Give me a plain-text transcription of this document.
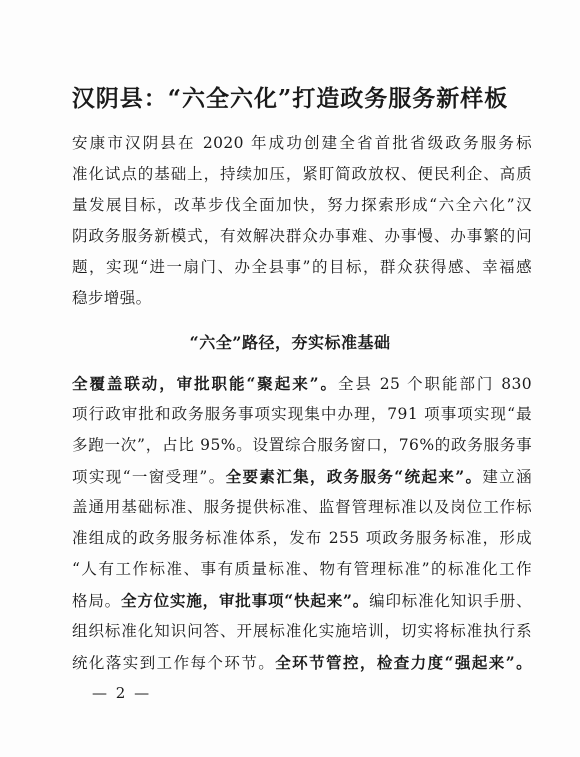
汉阴县：“六全六化”打造政务服务新样板
安康市汉阴县在 2020 年成功创建全省首批省级政务服务标
准化试点的基础上，持续加压，紧盯简政放权、便民利企、高质
量发展目标，改革步伐全面加快，努力探索形成“六全六化”汉
阴政务服务新模式，有效解决群众办事难、办事慢、办事繁的问
题，实现“进一扇门、办全县事”的目标，群众获得感、幸福感
稳步增强。
“六全”路径，夯实标准基础
全覆盖联动，审批职能“聚起来”。全县 25 个职能部门 830
项行政审批和政务服务事项实现集中办理，791 项事项实现“最
多跑一次”，占比 95%。设置综合服务窗口，76%的政务服务事
项实现“一窗受理”。全要素汇集，政务服务“统起来”。建立涵
盖通用基础标准、服务提供标准、监督管理标准以及岗位工作标
准组成的政务服务标准体系，发布 255 项政务服务标准，形成
“人有工作标准、事有质量标准、物有管理标准”的标准化工作
格局。全方位实施，审批事项“快起来”。编印标准化知识手册、
组织标准化知识问答、开展标准化实施培训，切实将标准执行系
统化落实到工作每个环节。全环节管控，检查力度“强起来”。
— 2 —
